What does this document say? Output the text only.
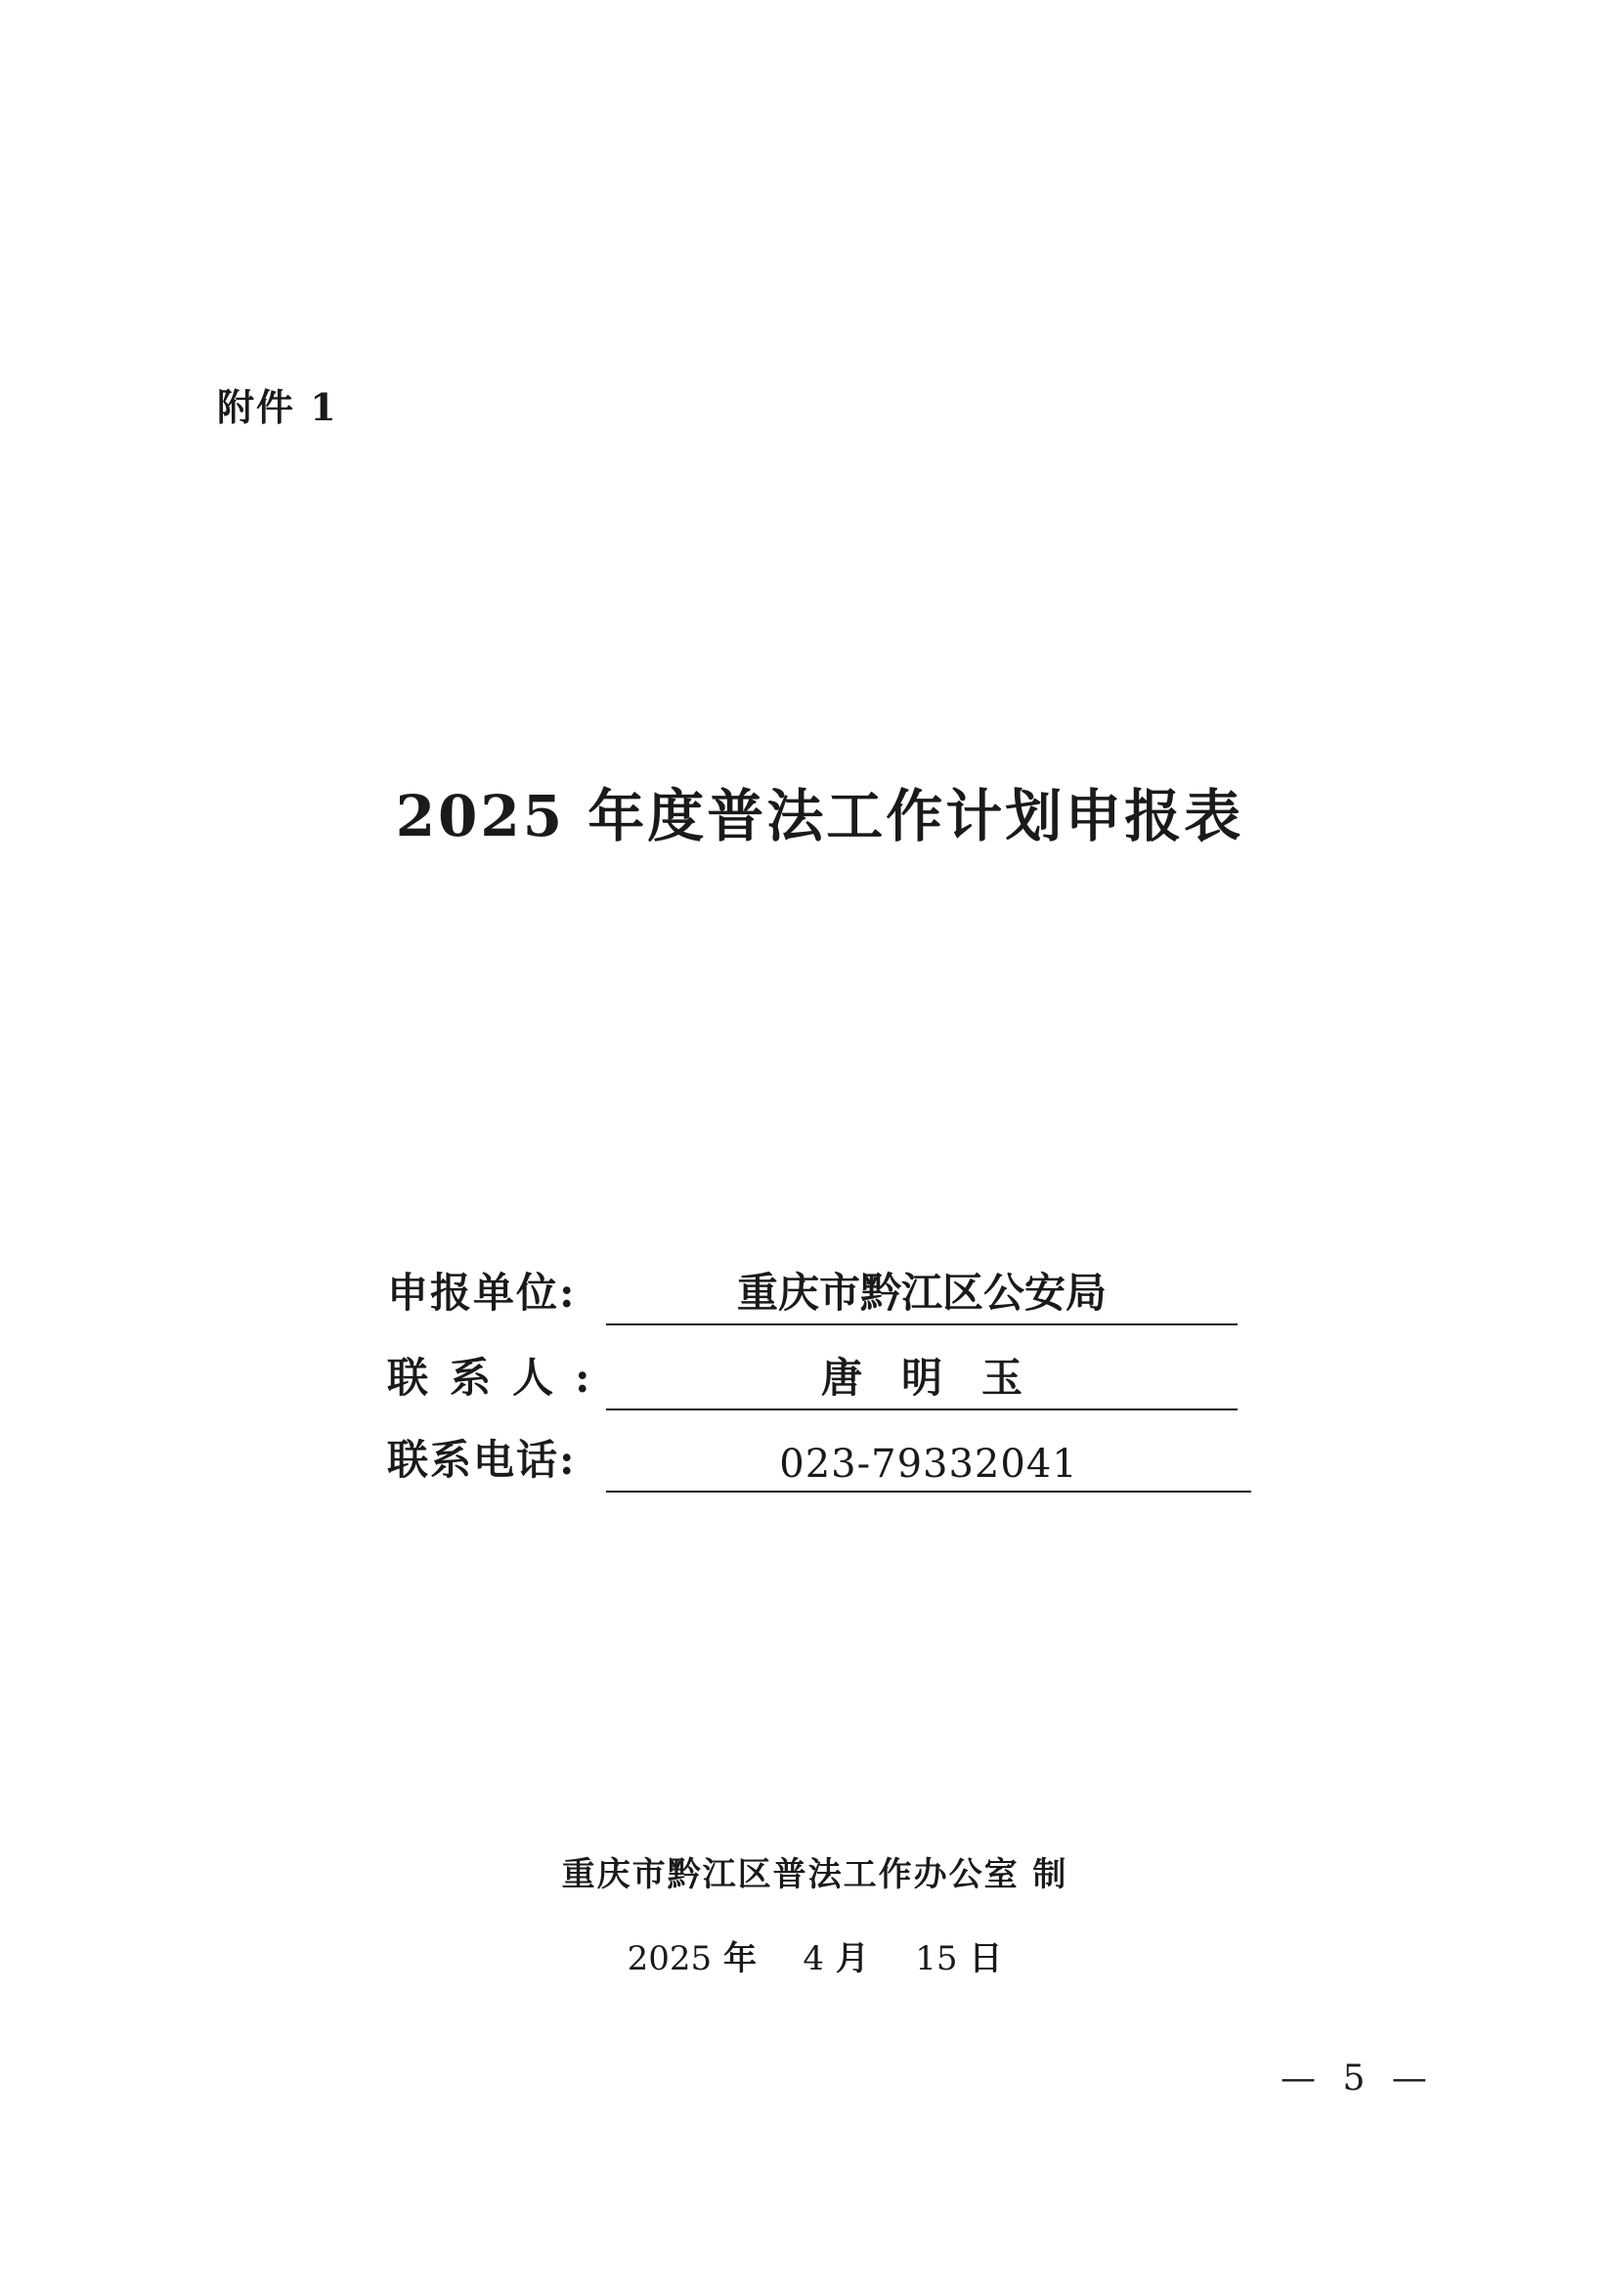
附件 1
2025 年度普法工作计划申报表
申报单位:	重庆市黔江区公安局
联系人:	唐明玉
联系电话:	023-79332041
重庆市黔江区普法工作办公室 制
2025 年 4 月 15 日
— 5 —
